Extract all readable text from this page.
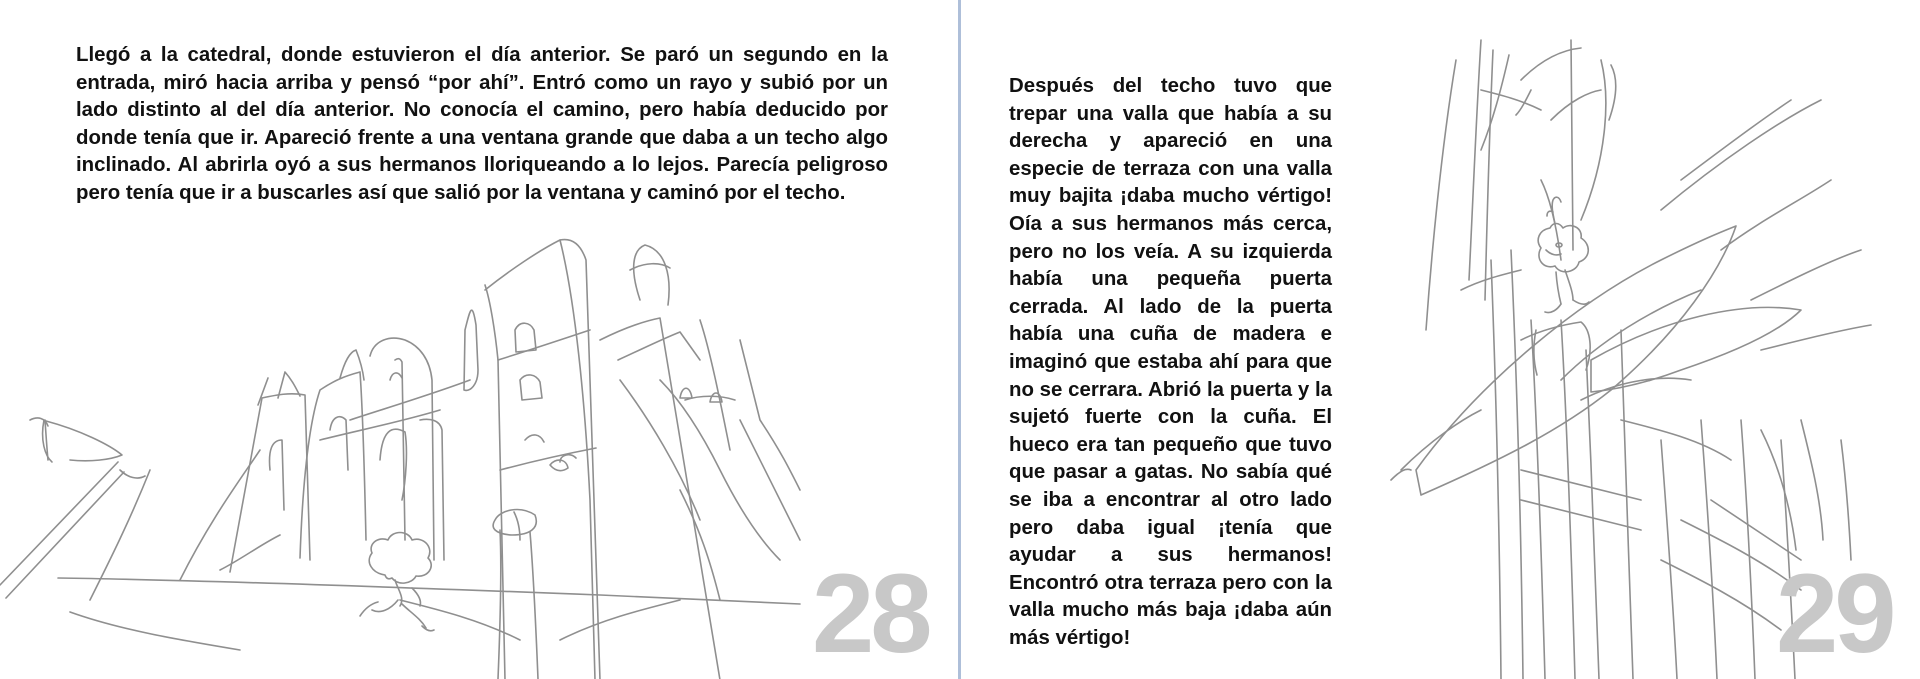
Llegó a la catedral, donde estuvieron el día anterior. Se paró un segundo en la entrada, miró hacia arriba y pensó “por ahí”. Entró como un rayo y subió por un lado distinto al del día anterior. No conocía el camino, pero había deducido por donde tenía que ir. Apareció frente a una ventana grande que daba a un techo algo inclinado. Al abrirla oyó a sus hermanos lloriqueando a lo lejos. Parecía peligroso pero tenía que ir a buscarles así que salió por la ventana y caminó por el techo.

28

Después del techo tuvo que trepar una valla que había a su derecha y apareció en una especie de terraza con una valla muy bajita ¡daba mucho vértigo! Oía a sus hermanos más cerca, pero no los veía. A su izquierda había una pequeña puerta cerrada. Al lado de la puerta había una cuña de madera e imaginó que estaba ahí para que no se cerrara. Abrió la puerta y la sujetó fuerte con la cuña. El hueco era tan pequeño que tuvo que pasar a gatas. No sabía qué se iba a encontrar al otro lado pero daba igual ¡tenía que ayudar a sus hermanos! Encontró otra terraza pero con la valla mucho más baja ¡daba aún más vértigo!	29
